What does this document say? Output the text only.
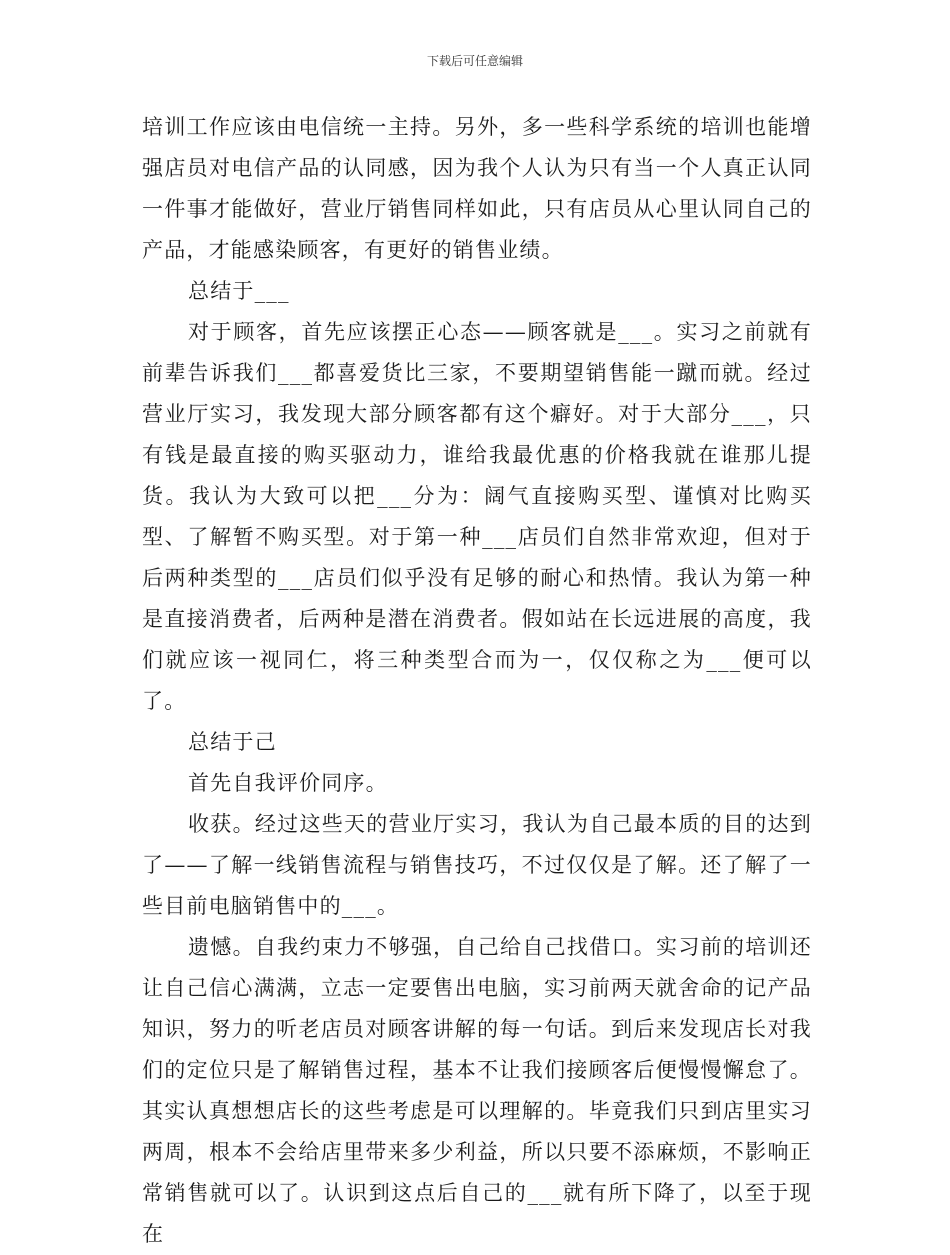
下载后可任意编辑

培训工作应该由电信统一主持。另外，多一些科学系统的培训也能增强店员对电信产品的认同感，因为我个人认为只有当一个人真正认同一件事才能做好，营业厅销售同样如此，只有店员从心里认同自己的产品，才能感染顾客，有更好的销售业绩。

总结于___

对于顾客，首先应该摆正心态——顾客就是___。实习之前就有前辈告诉我们___都喜爱货比三家，不要期望销售能一蹴而就。经过营业厅实习，我发现大部分顾客都有这个癖好。对于大部分___，只有钱是最直接的购买驱动力，谁给我最优惠的价格我就在谁那儿提货。我认为大致可以把___分为：阔气直接购买型、谨慎对比购买型、了解暂不购买型。对于第一种___店员们自然非常欢迎，但对于后两种类型的___店员们似乎没有足够的耐心和热情。我认为第一种是直接消费者，后两种是潜在消费者。假如站在长远进展的高度，我们就应该一视同仁，将三种类型合而为一，仅仅称之为___便可以了。

总结于己

首先自我评价同序。

收获。经过这些天的营业厅实习，我认为自己最本质的目的达到了——了解一线销售流程与销售技巧，不过仅仅是了解。还了解了一些目前电脑销售中的___。

遗憾。自我约束力不够强，自己给自己找借口。实习前的培训还让自己信心满满，立志一定要售出电脑，实习前两天就舍命的记产品知识，努力的听老店员对顾客讲解的每一句话。到后来发现店长对我们的定位只是了解销售过程，基本不让我们接顾客后便慢慢懈怠了。其实认真想想店长的这些考虑是可以理解的。毕竟我们只到店里实习两周，根本不会给店里带来多少利益，所以只要不添麻烦，不影响正常销售就可以了。认识到这点后自己的___就有所下降了，以至于现在
